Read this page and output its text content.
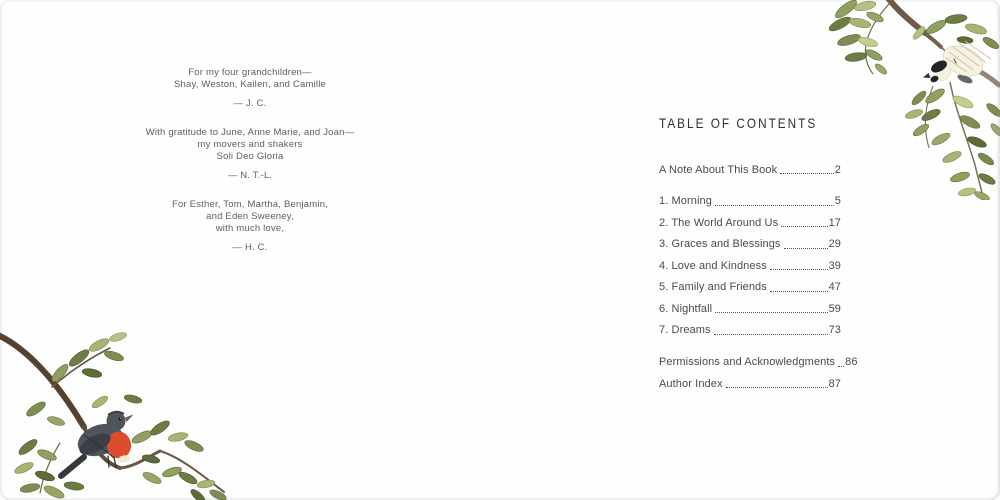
For my four grandchildren—
Shay, Weston, Kailen, and Camille
— J. C.
With gratitude to June, Anne Marie, and Joan—
my movers and shakers
Soli Deo Gloria
— N. T.-L.
For Esther, Tom, Martha, Benjamin,
and Eden Sweeney,
with much love,
— H. C.
TABLE OF CONTENTS
A Note About This Book	2
1. Morning	5
2. The World Around Us	17
3. Graces and Blessings	29
4. Love and Kindness	39
5. Family and Friends	47
6. Nightfall	59
7. Dreams	73
Permissions and Acknowledgments 86
Author Index	87
